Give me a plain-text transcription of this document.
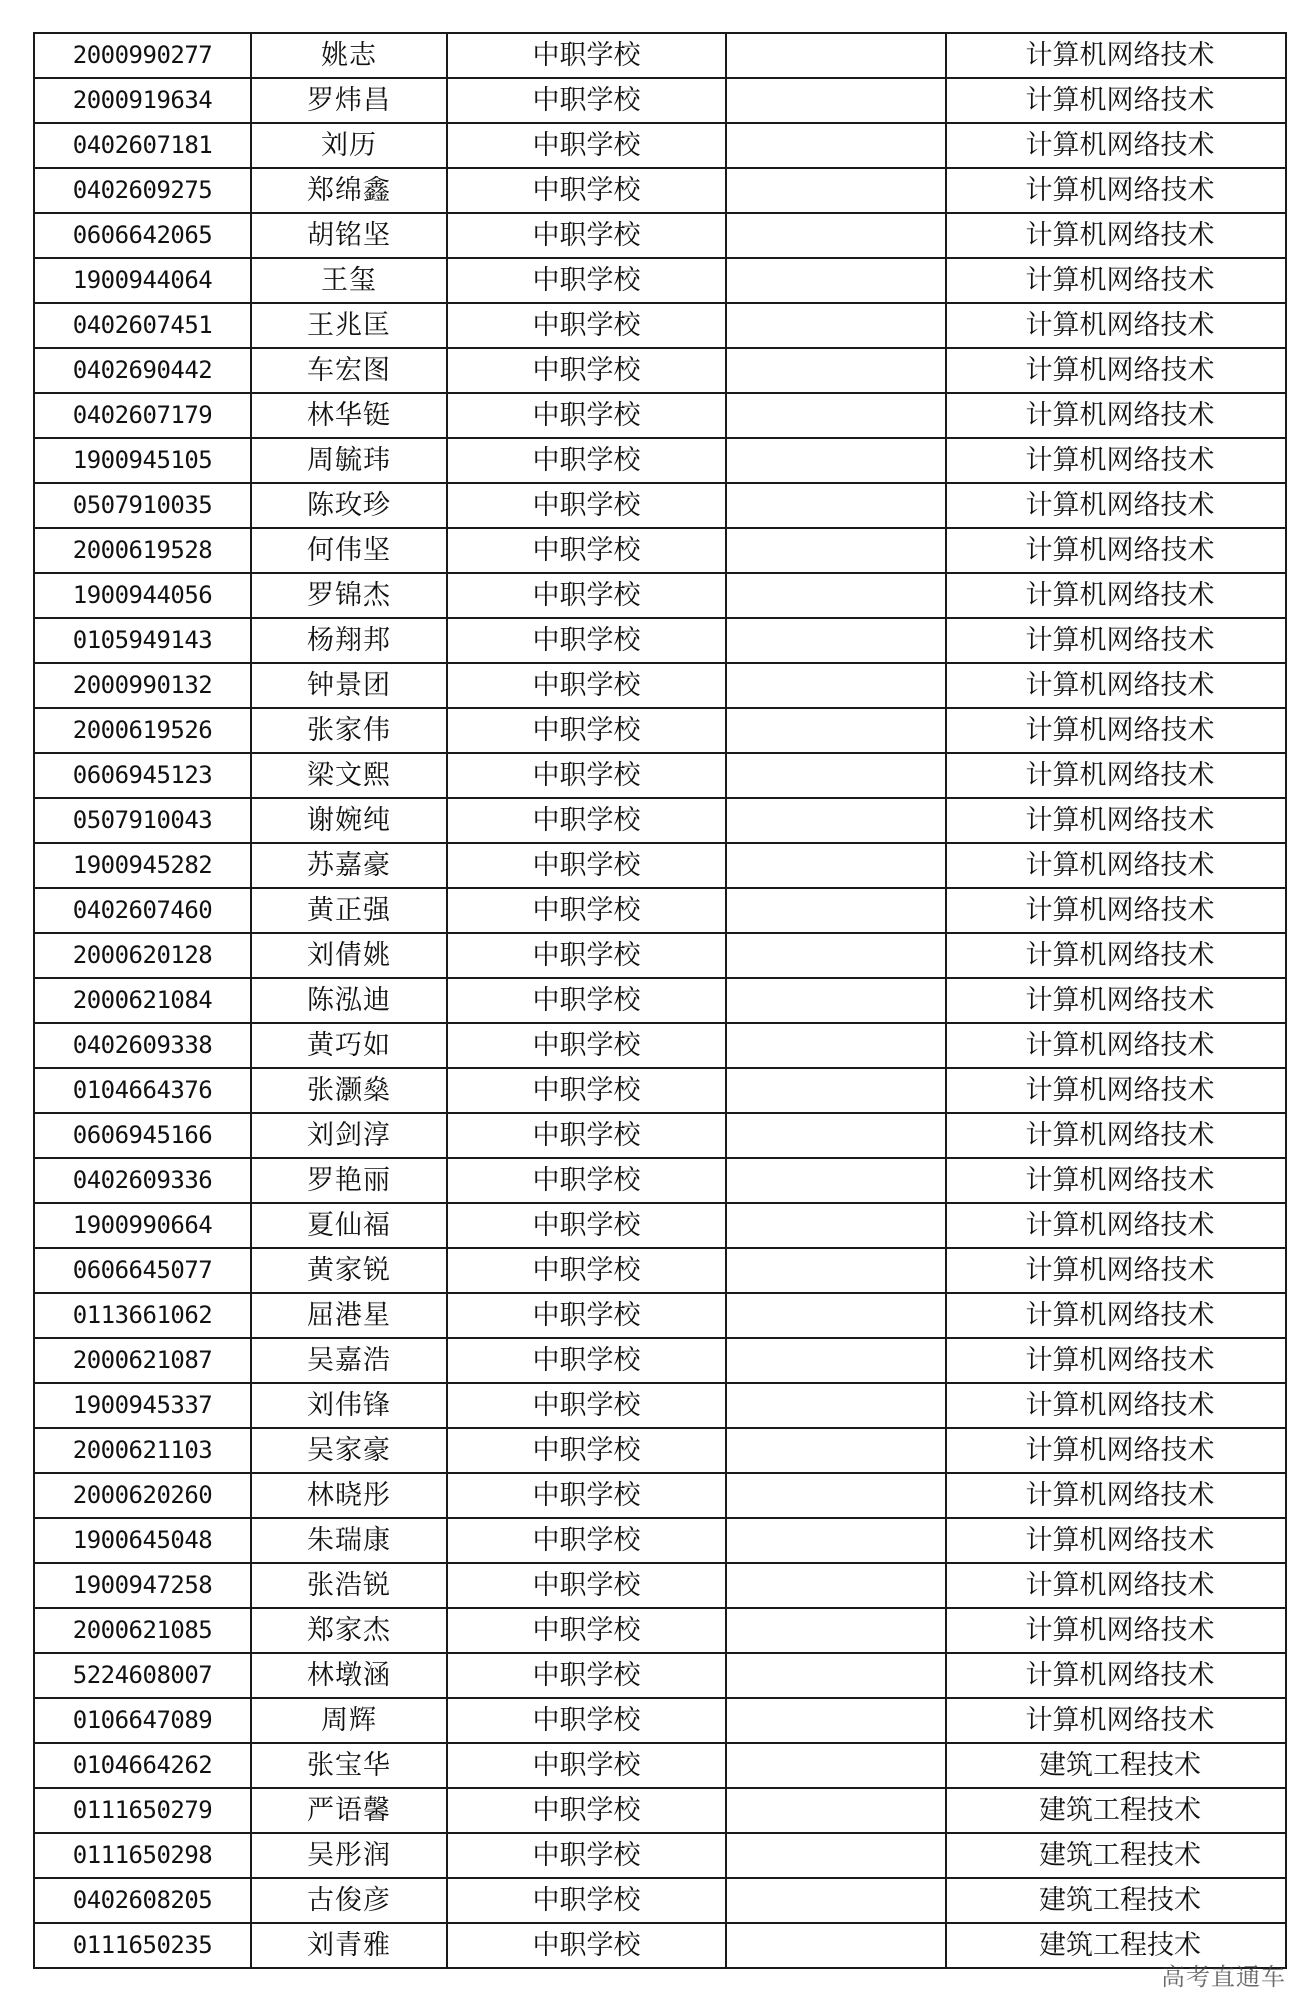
2000990277	姚志	中职学校		计算机网络技术
2000919634	罗炜昌	中职学校		计算机网络技术
0402607181	刘历	中职学校		计算机网络技术
0402609275	郑绵鑫	中职学校		计算机网络技术
0606642065	胡铭坚	中职学校		计算机网络技术
1900944064	王玺	中职学校		计算机网络技术
0402607451	王兆匡	中职学校		计算机网络技术
0402690442	车宏图	中职学校		计算机网络技术
0402607179	林华铤	中职学校		计算机网络技术
1900945105	周毓玮	中职学校		计算机网络技术
0507910035	陈玫珍	中职学校		计算机网络技术
2000619528	何伟坚	中职学校		计算机网络技术
1900944056	罗锦杰	中职学校		计算机网络技术
0105949143	杨翔邦	中职学校		计算机网络技术
2000990132	钟景团	中职学校		计算机网络技术
2000619526	张家伟	中职学校		计算机网络技术
0606945123	梁文熙	中职学校		计算机网络技术
0507910043	谢婉纯	中职学校		计算机网络技术
1900945282	苏嘉豪	中职学校		计算机网络技术
0402607460	黄正强	中职学校		计算机网络技术
2000620128	刘倩姚	中职学校		计算机网络技术
2000621084	陈泓迪	中职学校		计算机网络技术
0402609338	黄巧如	中职学校		计算机网络技术
0104664376	张灏燊	中职学校		计算机网络技术
0606945166	刘剑淳	中职学校		计算机网络技术
0402609336	罗艳丽	中职学校		计算机网络技术
1900990664	夏仙福	中职学校		计算机网络技术
0606645077	黄家锐	中职学校		计算机网络技术
0113661062	屈港星	中职学校		计算机网络技术
2000621087	吴嘉浩	中职学校		计算机网络技术
1900945337	刘伟锋	中职学校		计算机网络技术
2000621103	吴家豪	中职学校		计算机网络技术
2000620260	林晓彤	中职学校		计算机网络技术
1900645048	朱瑞康	中职学校		计算机网络技术
1900947258	张浩锐	中职学校		计算机网络技术
2000621085	郑家杰	中职学校		计算机网络技术
5224608007	林墩涵	中职学校		计算机网络技术
0106647089	周辉	中职学校		计算机网络技术
0104664262	张宝华	中职学校		建筑工程技术
0111650279	严语馨	中职学校		建筑工程技术
0111650298	吴彤润	中职学校		建筑工程技术
0402608205	古俊彦	中职学校		建筑工程技术
0111650235	刘青雅	中职学校		建筑工程技术
高考直通车
